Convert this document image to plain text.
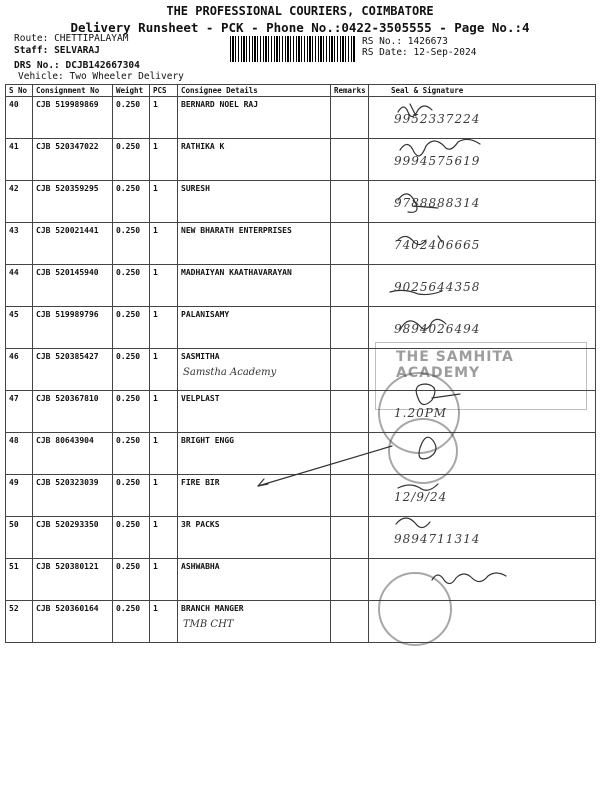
THE PROFESSIONAL COURIERS, COIMBATORE
Delivery Runsheet - PCK - Phone No.:0422-3505555 - Page No.:4
Route: CHETTIPALAYAM
Staff: SELVARAJ
DRS No.: DCJB142667304
Vehicle: Two Wheeler Delivery
RS No.: 1426673
RS Date: 12-Sep-2024
S No	Consignment No	Weight	PCS	Consignee Details	Remarks	Seal & Signature
40	CJB 519989869	0.250	1	BERNARD NOEL RAJ		9952337224

41	CJB 520347022	0.250	1	RATHIKA K		9994575619

42	CJB 520359295	0.250	1	SURESH		9788888314

43	CJB 520021441	0.250	1	NEW BHARATH ENTERPRISES		7402406665

44	CJB 520145940	0.250	1	MADHAIYAN KAATHAVARAYAN		9025644358

45	CJB 519989796	0.250	1	PALANISAMY		9894026494

46	CJB 520385427	0.250	1	SASMITHA
Samstha Academy		

47	CJB 520367810	0.250	1	VELPLAST		1.20PM

48	CJB 80643904	0.250	1	BRIGHT ENGG

49	CJB 520323039	0.250	1	FIRE BIR		12/9/24

50	CJB 520293350	0.250	1	3R PACKS		9894711314

51	CJB 520380121	0.250	1	ASHWABHA

52	CJB 520360164	0.250	1	BRANCH MANGER
TMB CHT		

THE SAMHITA ACADEMY
